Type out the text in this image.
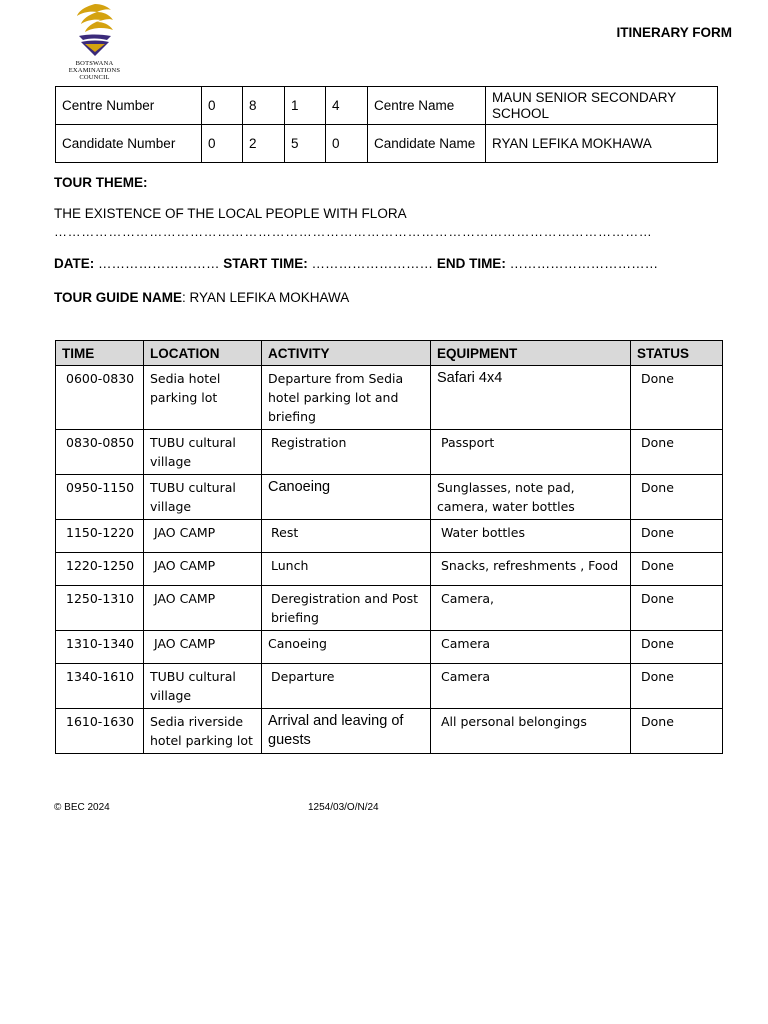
BOTSWANA
EXAMINATIONS
COUNCIL
ITINERARY FORM
Centre Number	0	8	1	4	Centre Name	MAUN SENIOR SECONDARY SCHOOL
Candidate Number	0	2	5	0	Candidate Name	RYAN LEFIKA MOKHAWA
TOUR THEME:
THE EXISTENCE OF THE LOCAL PEOPLE WITH FLORA
……………………………………………………………………………………………………………………
DATE: ……………………… START TIME: ……………………… END TIME: ……………………………
TOUR GUIDE NAME: RYAN LEFIKA MOKHAWA
TIME	LOCATION	ACTIVITY	EQUIPMENT	STATUS
0600-0830	Sedia hotel parking lot	Departure from Sedia hotel parking lot and briefing	Safari 4x4	Done
0830-0850	TUBU cultural village	Registration	Passport	Done
0950-1150	TUBU cultural village	Canoeing	Sunglasses, note pad, camera, water bottles	Done
1150-1220	JAO CAMP	Rest	Water bottles	Done
1220-1250	JAO CAMP	Lunch	Snacks, refreshments , Food	Done
1250-1310	JAO CAMP	Deregistration and Post briefing	Camera,	Done
1310-1340	JAO CAMP	Canoeing	Camera	Done
1340-1610	TUBU cultural village	Departure	Camera	Done
1610-1630	Sedia riverside hotel parking lot	Arrival and leaving of guests	All personal belongings	Done
© BEC 2024	1254/03/O/N/24
